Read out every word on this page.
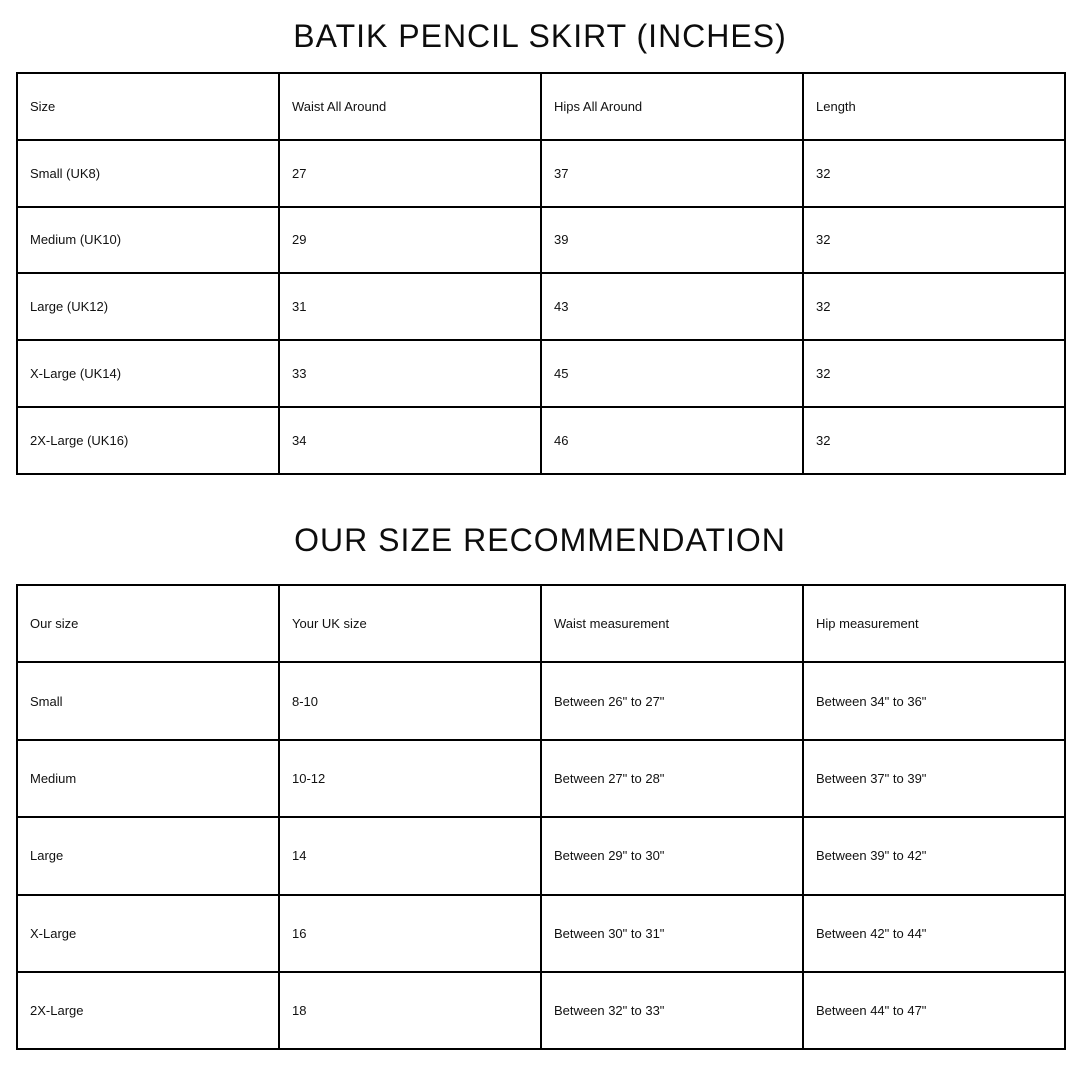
BATIK PENCIL SKIRT (INCHES)
Size	Waist All Around	Hips All Around	Length
Small (UK8)	27	37	32
Medium (UK10)	29	39	32
Large (UK12)	31	43	32
X-Large (UK14)	33	45	32
2X-Large (UK16)	34	46	32
OUR SIZE RECOMMENDATION
Our size	Your UK size	Waist measurement	Hip measurement
Small	8-10	Between 26" to 27"	Between 34" to 36"
Medium	10-12	Between 27" to 28"	Between 37" to 39"
Large	14	Between 29" to 30"	Between 39" to 42"
X-Large	16	Between 30" to 31"	Between 42" to 44"
2X-Large	18	Between 32" to 33"	Between 44" to 47"
